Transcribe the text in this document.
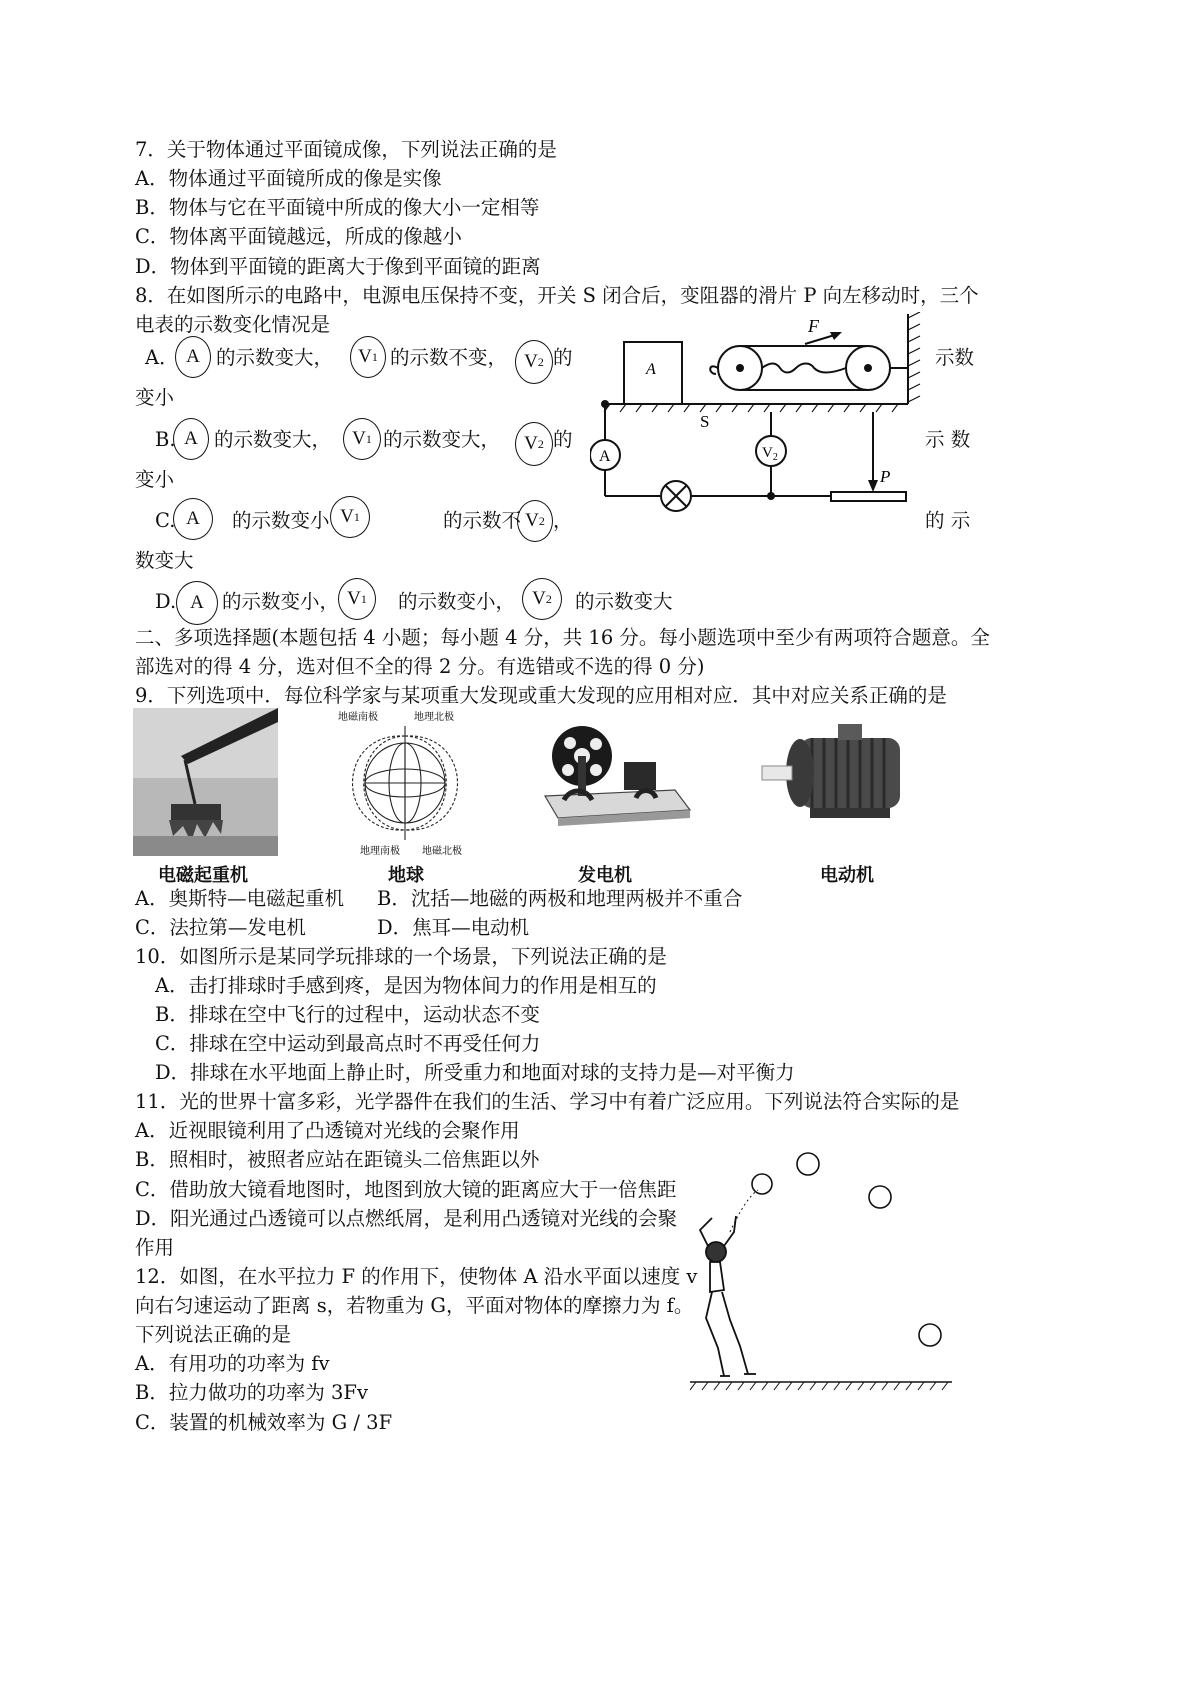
7．关于物体通过平面镜成像，下列说法正确的是
A．物体通过平面镜所成的像是实像
B．物体与它在平面镜中所成的像大小一定相等
C．物体离平面镜越远，所成的像越小
D．物体到平面镜的距离大于像到平面镜的距离
8．在如图所示的电路中，电源电压保持不变，开关 S 闭合后，变阻器的滑片 P 向左移动时，三个
电表的示数变化情况是
A． A 的示数变大， V 1 的示数不变， V 2 的	示数
变小
B. A 的示数变大， V 1 的示数变大， V 2 的	示 数
变小
C. A 的示数变小 V 1	的示数不 V 2 ，	的 示
数变大
D. A 的示数变小， V 1 的示数变小， V 2 的示数变大
F
A
S
A	$V_2$
P
二、多项选择题(本题包括 4 小题；每小题 4 分，共 16 分。每小题选项中至少有两项符合题意。全
部选对的得 4 分，选对但不全的得 2 分。有选错或不选的得 0 分)
9．下列选项中．每位科学家与某项重大发现或重大发现的应用相对应．其中对应关系正确的是
地磁南极	地理北极
地理南极 地磁北极
电磁起重机	地球	发电机	电动机
A．奥斯特—电磁起重机 B．沈括—地磁的两极和地理两极并不重合
C．法拉第—发电机	D．焦耳—电动机
10．如图所示是某同学玩排球的一个场景，下列说法正确的是
A．击打排球时手感到疼，是因为物体间力的作用是相互的
B．排球在空中飞行的过程中，运动状态不变
C．排球在空中运动到最高点时不再受任何力
D．排球在水平地面上静止时，所受重力和地面对球的支持力是—对平衡力
11．光的世界十富多彩，光学器件在我们的生活、学习中有着广泛应用。下列说法符合实际的是
A．近视眼镜利用了凸透镜对光线的会聚作用
B．照相时，被照者应站在距镜头二倍焦距以外
C．借助放大镜看地图时，地图到放大镜的距离应大于一倍焦距
D．阳光通过凸透镜可以点燃纸屑，是利用凸透镜对光线的会聚
作用
12．如图，在水平拉力 F 的作用下，使物体 A 沿水平面以速度 v
向右匀速运动了距离 s，若物重为 G，平面对物体的摩擦力为 f。
下列说法正确的是
A．有用功的功率为 fv
B．拉力做功的功率为 3Fv
C．装置的机械效率为 G / 3F
